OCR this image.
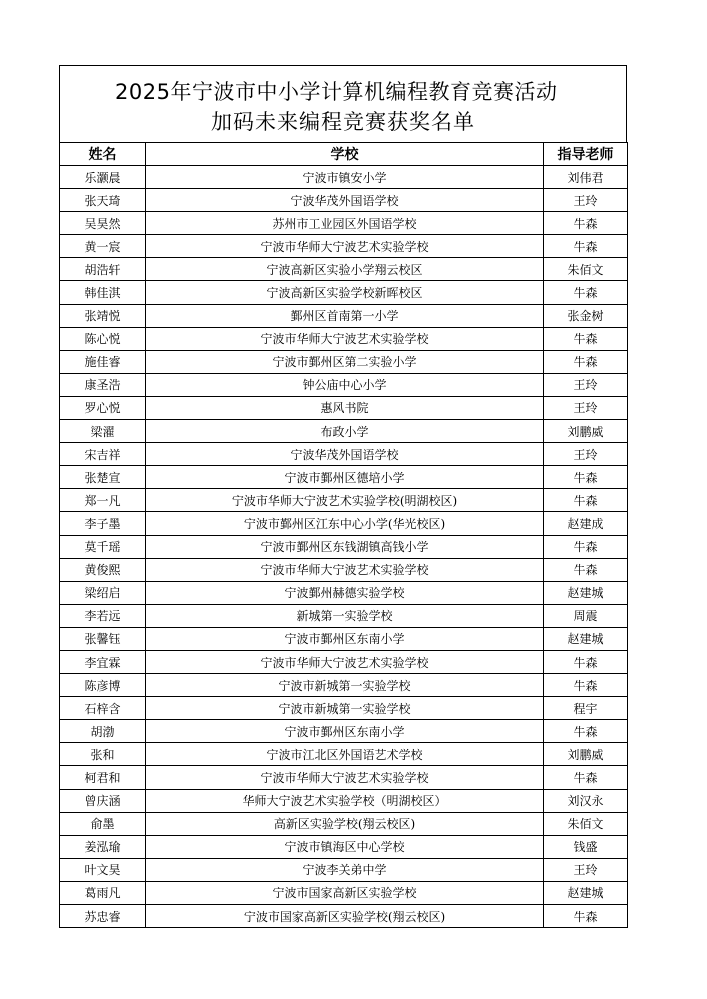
2025年宁波市中小学计算机编程教育竞赛活动
加码未来编程竞赛获奖名单
姓名	学校	指导老师
乐灏晨	宁波市镇安小学	刘伟君
张天琦	宁波华茂外国语学校	王玲
吴昊然	苏州市工业园区外国语学校	牛森
黄一宸	宁波市华师大宁波艺术实验学校	牛森
胡浩轩	宁波高新区实验小学翔云校区	朱佰文
韩佳淇	宁波高新区实验学校新晖校区	牛森
张靖悦	鄞州区首南第一小学	张金树
陈心悦	宁波市华师大宁波艺术实验学校	牛森
施佳睿	宁波市鄞州区第二实验小学	牛森
康圣浩	钟公庙中心小学	王玲
罗心悦	惠风书院	王玲
梁濯	布政小学	刘鹏威
宋吉祥	宁波华茂外国语学校	王玲
张楚宣	宁波市鄞州区德培小学	牛森
郑一凡	宁波市华师大宁波艺术实验学校(明湖校区)	牛森
李子墨	宁波市鄞州区江东中心小学(华光校区)	赵建成
莫千瑶	宁波市鄞州区东钱湖镇高钱小学	牛森
黄俊熙	宁波市华师大宁波艺术实验学校	牛森
梁绍启	宁波鄞州赫德实验学校	赵建城
李若远	新城第一实验学校	周震
张馨钰	宁波市鄞州区东南小学	赵建城
李宜霖	宁波市华师大宁波艺术实验学校	牛森
陈彦博	宁波市新城第一实验学校	牛森
石梓含	宁波市新城第一实验学校	程宇
胡渤	宁波市鄞州区东南小学	牛森
张和	宁波市江北区外国语艺术学校	刘鹏威
柯君和	宁波市华师大宁波艺术实验学校	牛森
曾庆涵	华师大宁波艺术实验学校（明湖校区）	刘汉永
俞墨	高新区实验学校(翔云校区)	朱佰文
姜泓瑜	宁波市镇海区中心学校	钱盛
叶文昊	宁波李关弟中学	王玲
葛雨凡	宁波市国家高新区实验学校	赵建城
苏忠睿	宁波市国家高新区实验学校(翔云校区)	牛森
